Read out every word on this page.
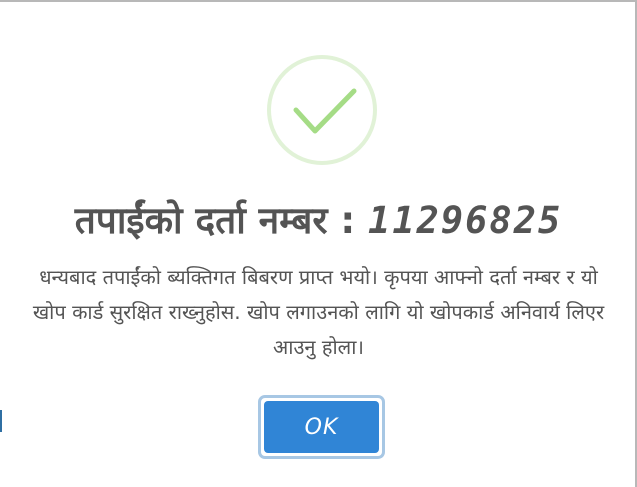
तपाईंको दर्ता नम्बर : 11296825
धन्यबाद तपाईंको ब्यक्तिगत बिबरण प्राप्त भयो। कृपया आफ्नो दर्ता नम्बर र यो खोप कार्ड सुरक्षित राख्नुहोस. खोप लगाउनको लागि यो खोपकार्ड अनिवार्य लिएर आउनु होला।
OK
